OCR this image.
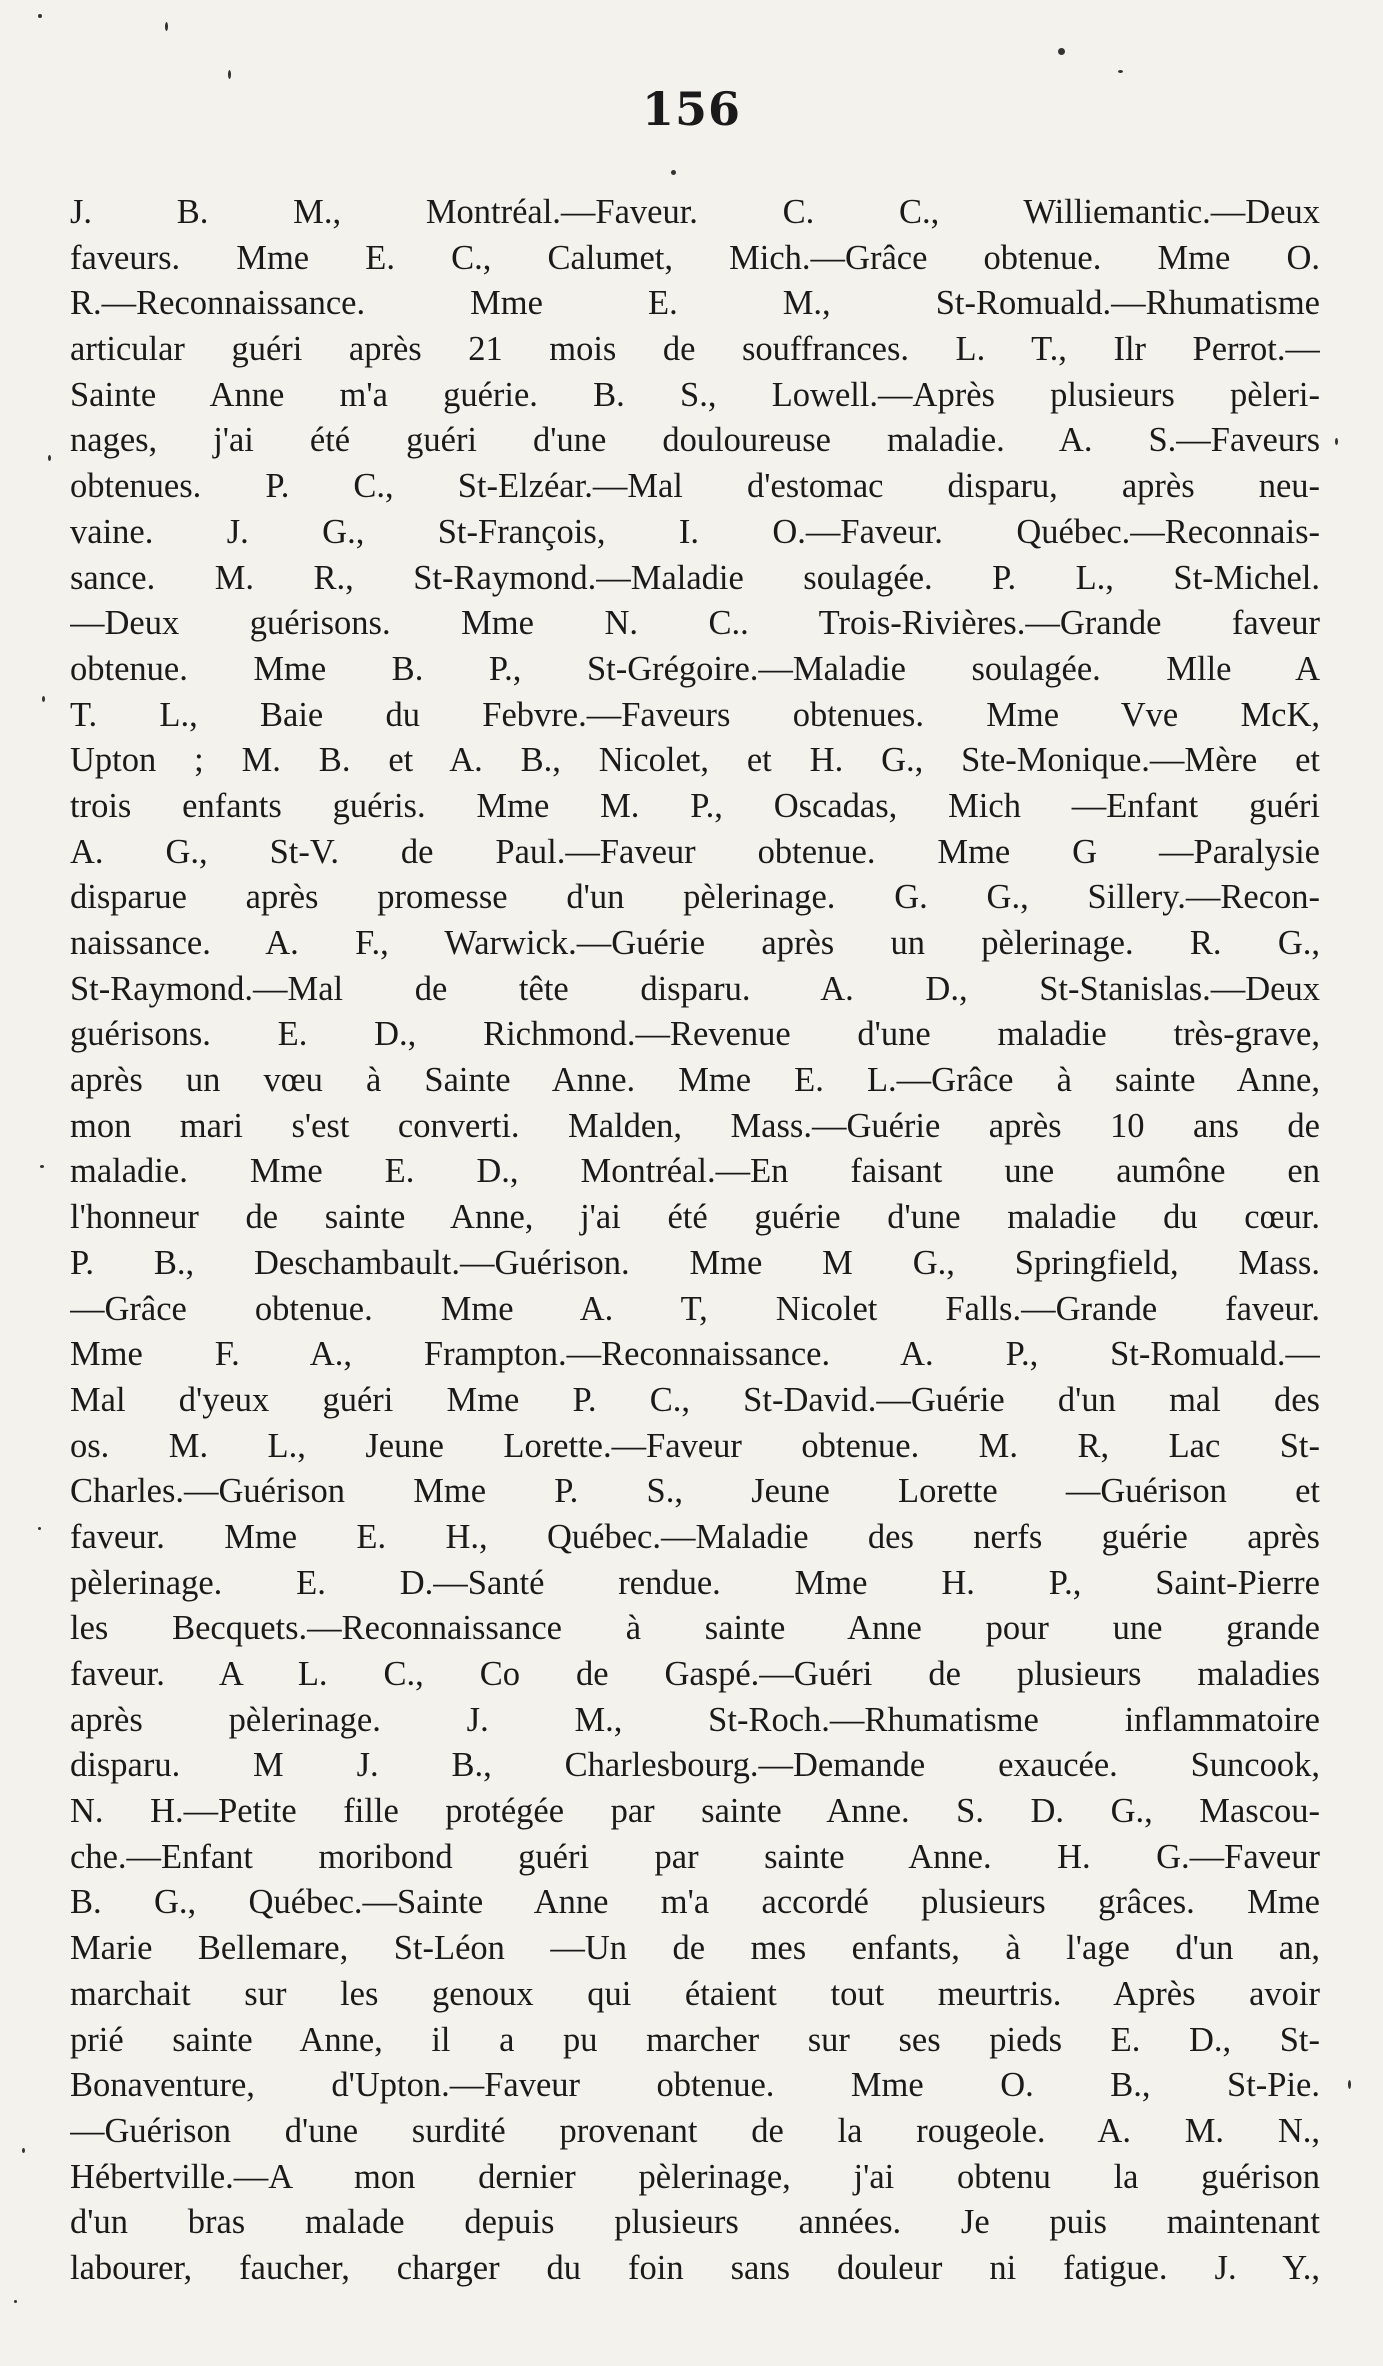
156
J. B. M., Montréal.—Faveur. C. C., Williemantic.—Deux
faveurs. Mme E. C., Calumet, Mich.—Grâce obtenue. Mme O.
R.—Reconnaissance. Mme E. M., St-Romuald.—Rhumatisme
articular guéri après 21 mois de souffrances. L. T., Ilr Perrot.—
Sainte Anne m'a guérie. B. S., Lowell.—Après plusieurs pèleri-
nages, j'ai été guéri d'une douloureuse maladie. A. S.—Faveurs
obtenues. P. C., St-Elzéar.—Mal d'estomac disparu, après neu-
vaine. J. G., St-François, I. O.—Faveur. Québec.—Reconnais-
sance. M. R., St-Raymond.—Maladie soulagée. P. L., St-Michel.
—Deux guérisons. Mme N. C.. Trois-Rivières.—Grande faveur
obtenue. Mme B. P., St-Grégoire.—Maladie soulagée. Mlle A
T. L., Baie du Febvre.—Faveurs obtenues. Mme Vve McK,
Upton ; M. B. et A. B., Nicolet, et H. G., Ste-Monique.—Mère et
trois enfants guéris. Mme M. P., Oscadas, Mich —Enfant guéri
A. G., St-V. de Paul.—Faveur obtenue. Mme G —Paralysie
disparue après promesse d'un pèlerinage. G. G., Sillery.—Recon-
naissance. A. F., Warwick.—Guérie après un pèlerinage. R. G.,
St-Raymond.—Mal de tête disparu. A. D., St-Stanislas.—Deux
guérisons. E. D., Richmond.—Revenue d'une maladie très-grave,
après un vœu à Sainte Anne. Mme E. L.—Grâce à sainte Anne,
mon mari s'est converti. Malden, Mass.—Guérie après 10 ans de
maladie. Mme E. D., Montréal.—En faisant une aumône en
l'honneur de sainte Anne, j'ai été guérie d'une maladie du cœur.
P. B., Deschambault.—Guérison. Mme M G., Springfield, Mass.
—Grâce obtenue. Mme A. T, Nicolet Falls.—Grande faveur.
Mme F. A., Frampton.—Reconnaissance. A. P., St-Romuald.—
Mal d'yeux guéri Mme P. C., St-David.—Guérie d'un mal des
os. M. L., Jeune Lorette.—Faveur obtenue. M. R, Lac St-
Charles.—Guérison Mme P. S., Jeune Lorette —Guérison et
faveur. Mme E. H., Québec.—Maladie des nerfs guérie après
pèlerinage. E. D.—Santé rendue. Mme H. P., Saint-Pierre
les Becquets.—Reconnaissance à sainte Anne pour une grande
faveur. A L. C., Co de Gaspé.—Guéri de plusieurs maladies
après pèlerinage. J. M., St-Roch.—Rhumatisme inflammatoire
disparu. M J. B., Charlesbourg.—Demande exaucée. Suncook,
N. H.—Petite fille protégée par sainte Anne. S. D. G., Mascou-
che.—Enfant moribond guéri par sainte Anne. H. G.—Faveur
B. G., Québec.—Sainte Anne m'a accordé plusieurs grâces. Mme
Marie Bellemare, St-Léon —Un de mes enfants, à l'age d'un an,
marchait sur les genoux qui étaient tout meurtris. Après avoir
prié sainte Anne, il a pu marcher sur ses pieds E. D., St-
Bonaventure, d'Upton.—Faveur obtenue. Mme O. B., St-Pie.
—Guérison d'une surdité provenant de la rougeole. A. M. N.,
Hébertville.—A mon dernier pèlerinage, j'ai obtenu la guérison
d'un bras malade depuis plusieurs années. Je puis maintenant
labourer, faucher, charger du foin sans douleur ni fatigue. J. Y.,
